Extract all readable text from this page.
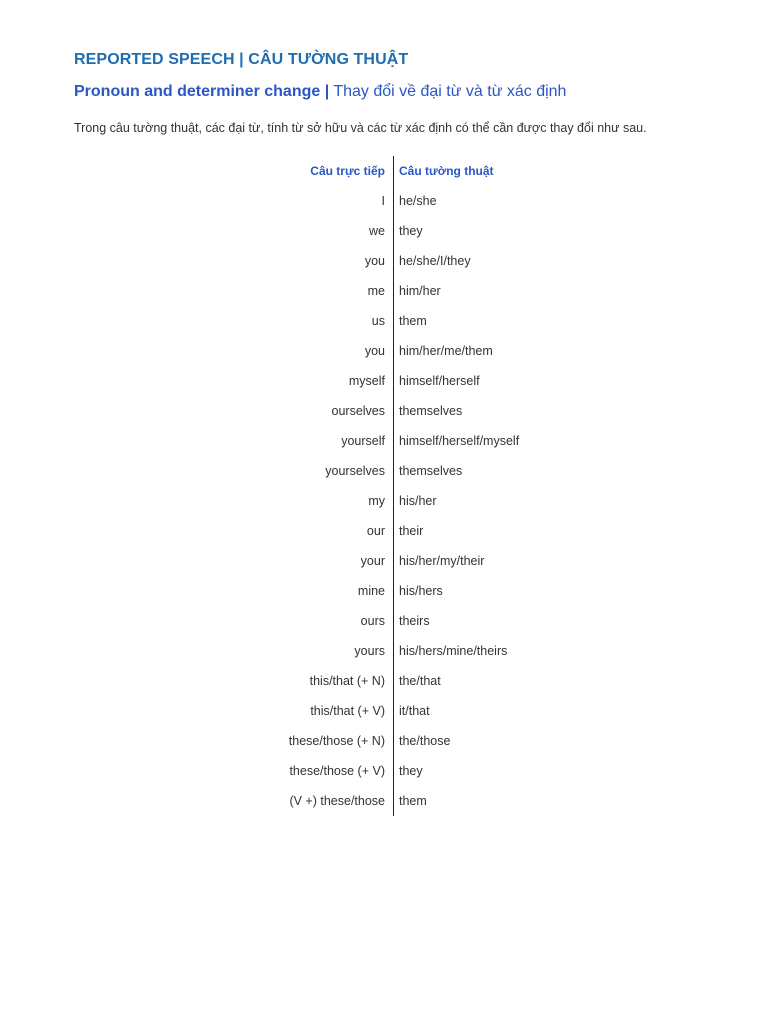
REPORTED SPEECH | CÂU TƯỜNG THUẬT
Pronoun and determiner change | Thay đổi về đại từ và từ xác định
Trong câu tường thuật, các đại từ, tính từ sở hữu và các từ xác định có thể cần được thay đổi như sau.
Câu trực tiếp Câu tường thuật
I he/she
we they
you he/she/I/they
me him/her
us them
you him/her/me/them
myself himself/herself
ourselves themselves
yourself himself/herself/myself
yourselves themselves
my his/her
our their
your his/her/my/their
mine his/hers
ours theirs
yours his/hers/mine/theirs
this/that (+ N) the/that
this/that (+ V) it/that
these/those (+ N) the/those
these/those (+ V) they
(V +) these/those them
